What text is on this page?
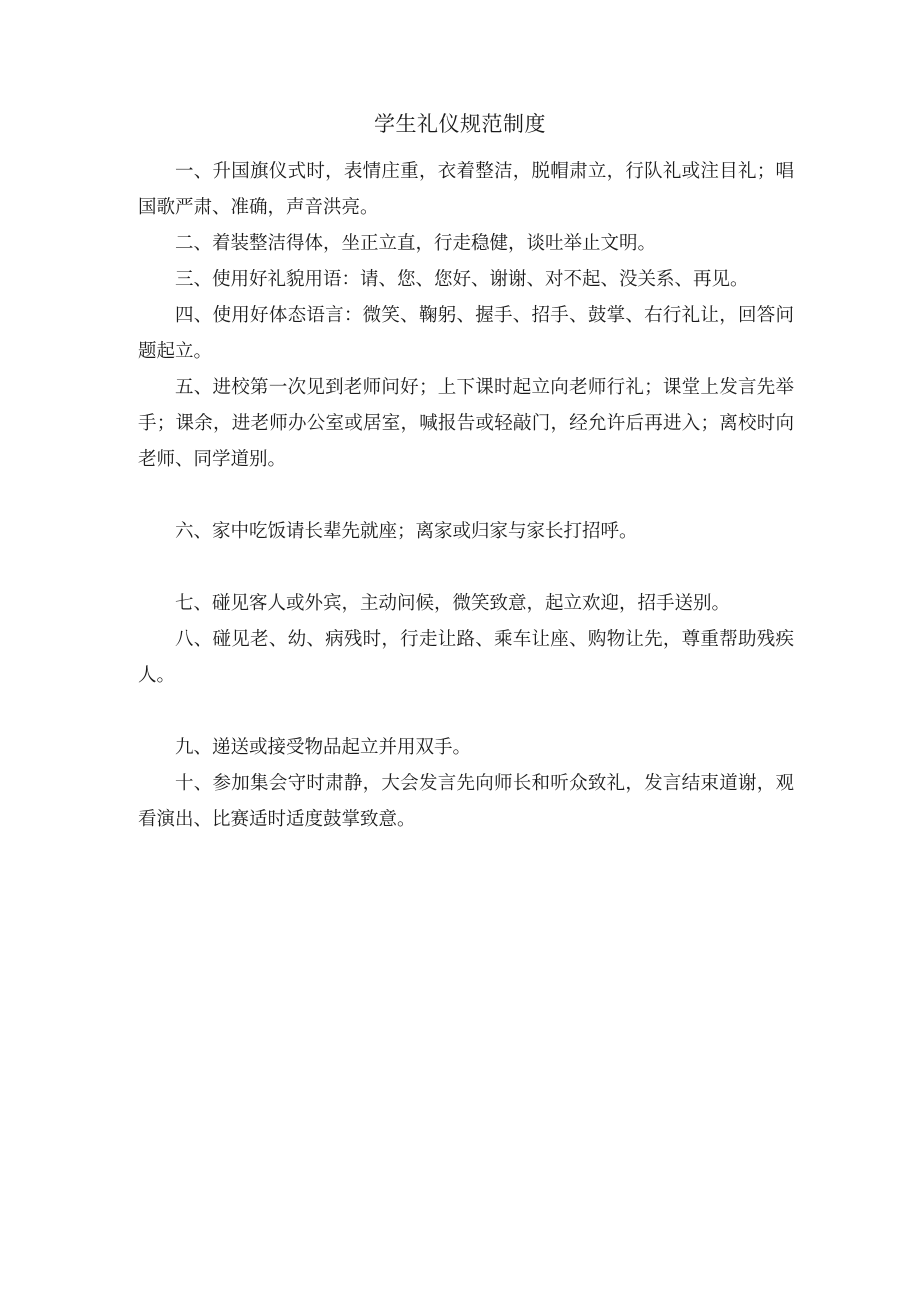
学生礼仪规范制度

一、升国旗仪式时，表情庄重，衣着整洁，脱帽肃立，行队礼或注目礼；唱国歌严肃、准确，声音洪亮。

二、着装整洁得体，坐正立直，行走稳健，谈吐举止文明。

三、使用好礼貌用语：请、您、您好、谢谢、对不起、没关系、再见。

四、使用好体态语言：微笑、鞠躬、握手、招手、鼓掌、右行礼让，回答问题起立。

五、进校第一次见到老师问好；上下课时起立向老师行礼；课堂上发言先举手；课余，进老师办公室或居室，喊报告或轻敲门，经允许后再进入；离校时向老师、同学道别。

六、家中吃饭请长辈先就座；离家或归家与家长打招呼。

七、碰见客人或外宾，主动问候，微笑致意，起立欢迎，招手送别。

八、碰见老、幼、病残时，行走让路、乘车让座、购物让先，尊重帮助残疾人。

九、递送或接受物品起立并用双手。

十、参加集会守时肃静，大会发言先向师长和听众致礼，发言结束道谢，观看演出、比赛适时适度鼓掌致意。
